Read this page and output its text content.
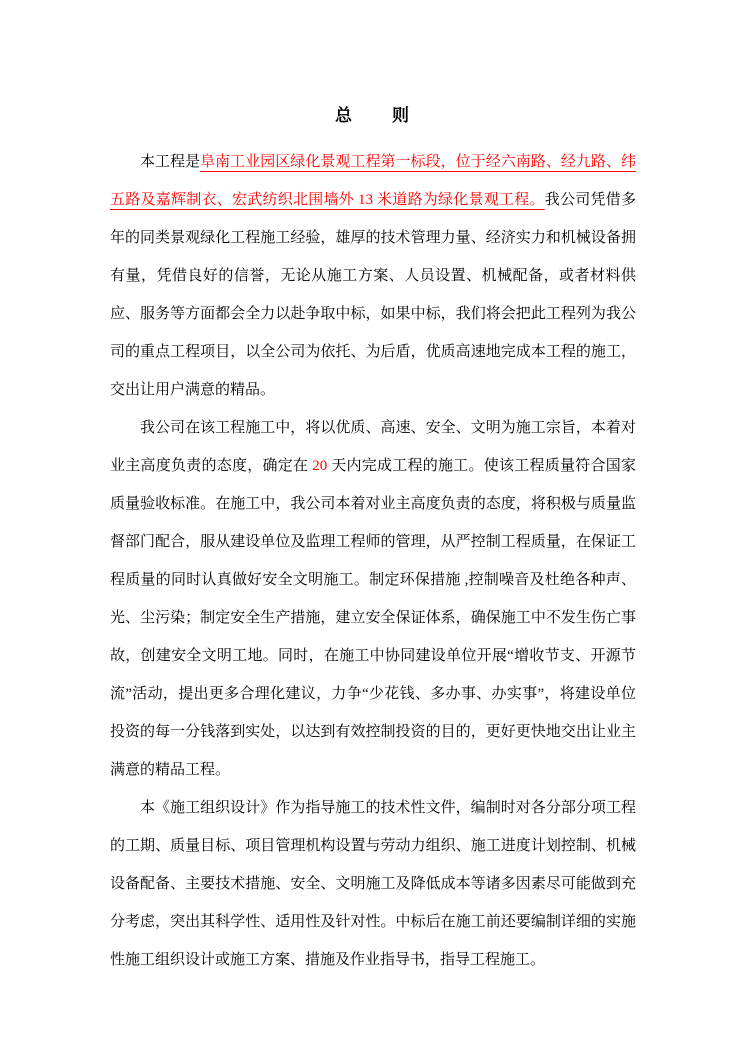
总　　则

本工程是阜南工业园区绿化景观工程第一标段，位于经六南路、经九路、纬五路及嘉辉制衣、宏武纺织北围墙外 13 米道路为绿化景观工程。我公司凭借多年的同类景观绿化工程施工经验，雄厚的技术管理力量、经济实力和机械设备拥有量，凭借良好的信誉，无论从施工方案、人员设置、机械配备，或者材料供应、服务等方面都会全力以赴争取中标，如果中标，我们将会把此工程列为我公司的重点工程项目，以全公司为依托、为后盾，优质高速地完成本工程的施工，交出让用户满意的精品。

我公司在该工程施工中，将以优质、高速、安全、文明为施工宗旨，本着对业主高度负责的态度，确定在 20 天内完成工程的施工。使该工程质量符合国家质量验收标准。在施工中，我公司本着对业主高度负责的态度，将积极与质量监督部门配合，服从建设单位及监理工程师的管理，从严控制工程质量，在保证工程质量的同时认真做好安全文明施工。制定环保措施 ,控制噪音及杜绝各种声、光、尘污染；制定安全生产措施，建立安全保证体系，确保施工中不发生伤亡事故，创建安全文明工地。同时，在施工中协同建设单位开展“增收节支、开源节流”活动，提出更多合理化建议，力争“少花钱、多办事、办实事”，将建设单位投资的每一分钱落到实处，以达到有效控制投资的目的，更好更快地交出让业主满意的精品工程。

本《施工组织设计》作为指导施工的技术性文件，编制时对各分部分项工程的工期、质量目标、项目管理机构设置与劳动力组织、施工进度计划控制、机械设备配备、主要技术措施、安全、文明施工及降低成本等诸多因素尽可能做到充分考虑，突出其科学性、适用性及针对性。中标后在施工前还要编制详细的实施性施工组织设计或施工方案、措施及作业指导书，指导工程施工。
